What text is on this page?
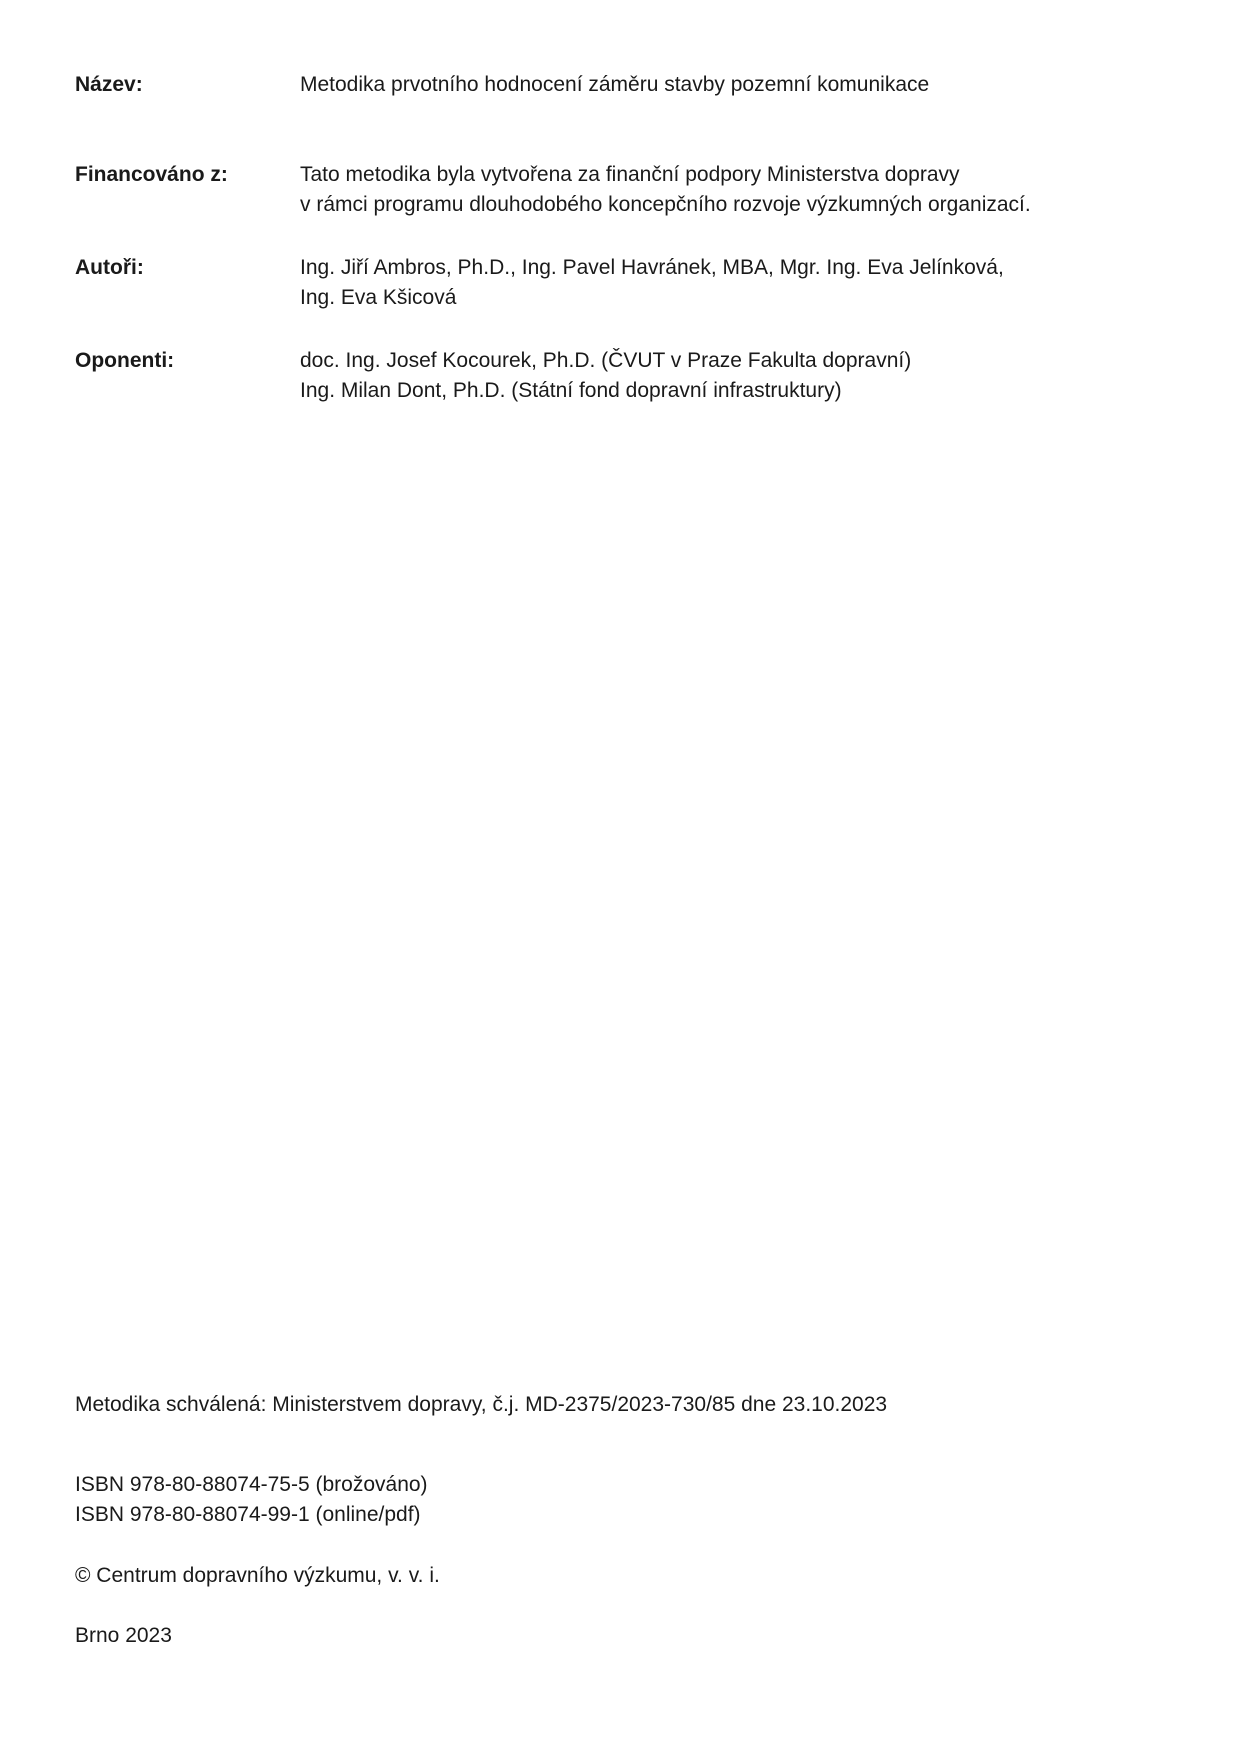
Název:	Metodika prvotního hodnocení záměru stavby pozemní komunikace
Financováno z:	Tato metodika byla vytvořena za finanční podpory Ministerstva dopravy
v rámci programu dlouhodobého koncepčního rozvoje výzkumných organizací.
Autoři:	Ing. Jiří Ambros, Ph.D., Ing. Pavel Havránek, MBA, Mgr. Ing. Eva Jelínková,
Ing. Eva Kšicová
Oponenti:	doc. Ing. Josef Kocourek, Ph.D. (ČVUT v Praze Fakulta dopravní)
Ing. Milan Dont, Ph.D. (Státní fond dopravní infrastruktury)
Metodika schválená: Ministerstvem dopravy, č.j. MD-2375/2023-730/85 dne 23.10.2023
ISBN 978-80-88074-75-5 (brožováno)
ISBN 978-80-88074-99-1 (online/pdf)
© Centrum dopravního výzkumu, v. v. i.
Brno 2023
